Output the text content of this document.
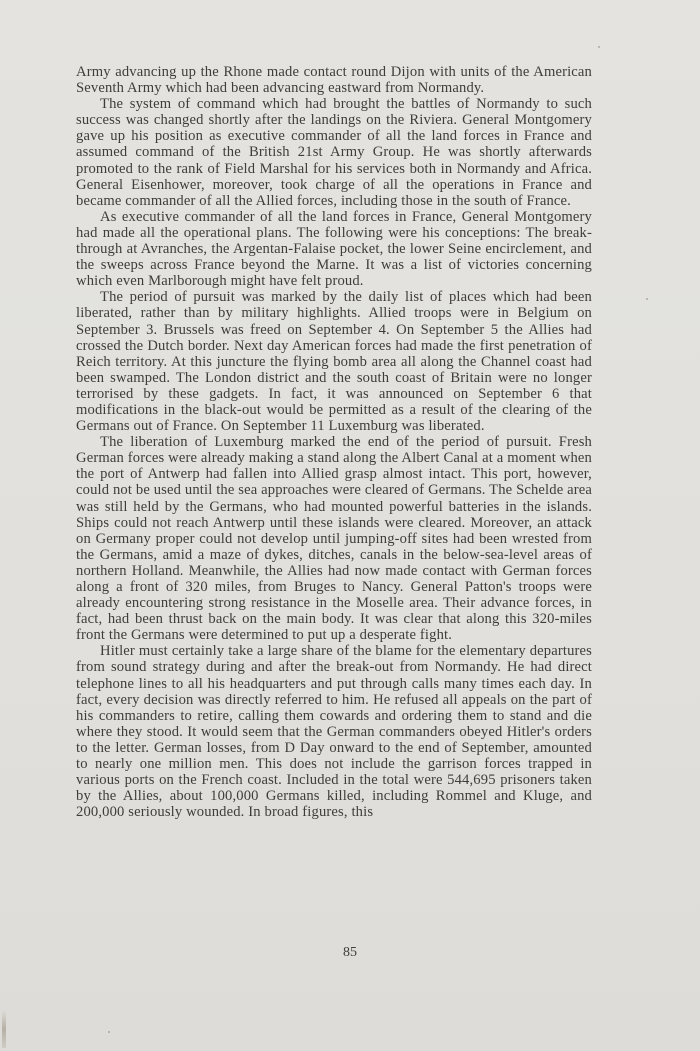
Army advancing up the Rhone made contact round Dijon with units of the American Seventh Army which had been advancing eastward from Normandy.

The system of command which had brought the battles of Normandy to such success was changed shortly after the landings on the Riviera. General Montgomery gave up his position as executive commander of all the land forces in France and assumed command of the British 21st Army Group. He was shortly afterwards promoted to the rank of Field Marshal for his services both in Normandy and Africa. General Eisenhower, moreover, took charge of all the operations in France and became commander of all the Allied forces, including those in the south of France.

As executive commander of all the land forces in France, General Montgomery had made all the operational plans. The following were his conceptions: The break-through at Avranches, the Argentan-Falaise pocket, the lower Seine encirclement, and the sweeps across France beyond the Marne. It was a list of victories concerning which even Marlborough might have felt proud.

The period of pursuit was marked by the daily list of places which had been liberated, rather than by military highlights. Allied troops were in Belgium on September 3. Brussels was freed on September 4. On September 5 the Allies had crossed the Dutch border. Next day American forces had made the first penetration of Reich territory. At this juncture the flying bomb area all along the Channel coast had been swamped. The London district and the south coast of Britain were no longer terrorised by these gadgets. In fact, it was announced on September 6 that modifications in the black-out would be permitted as a result of the clearing of the Germans out of France. On September 11 Luxemburg was liberated.

The liberation of Luxemburg marked the end of the period of pursuit. Fresh German forces were already making a stand along the Albert Canal at a moment when the port of Antwerp had fallen into Allied grasp almost intact. This port, however, could not be used until the sea approaches were cleared of Germans. The Schelde area was still held by the Germans, who had mounted powerful batteries in the islands. Ships could not reach Antwerp until these islands were cleared. Moreover, an attack on Germany proper could not develop until jumping-off sites had been wrested from the Germans, amid a maze of dykes, ditches, canals in the below-sea-level areas of northern Holland. Meanwhile, the Allies had now made contact with German forces along a front of 320 miles, from Bruges to Nancy. General Patton's troops were already encountering strong resistance in the Moselle area. Their advance forces, in fact, had been thrust back on the main body. It was clear that along this 320-miles front the Germans were determined to put up a desperate fight.

Hitler must certainly take a large share of the blame for the elementary departures from sound strategy during and after the break-out from Normandy. He had direct telephone lines to all his headquarters and put through calls many times each day. In fact, every decision was directly referred to him. He refused all appeals on the part of his commanders to retire, calling them cowards and ordering them to stand and die where they stood. It would seem that the German commanders obeyed Hitler's orders to the letter. German losses, from D Day onward to the end of September, amounted to nearly one million men. This does not include the garrison forces trapped in various ports on the French coast. Included in the total were 544,695 prisoners taken by the Allies, about 100,000 Germans killed, including Rommel and Kluge, and 200,000 seriously wounded. In broad figures, this

85
